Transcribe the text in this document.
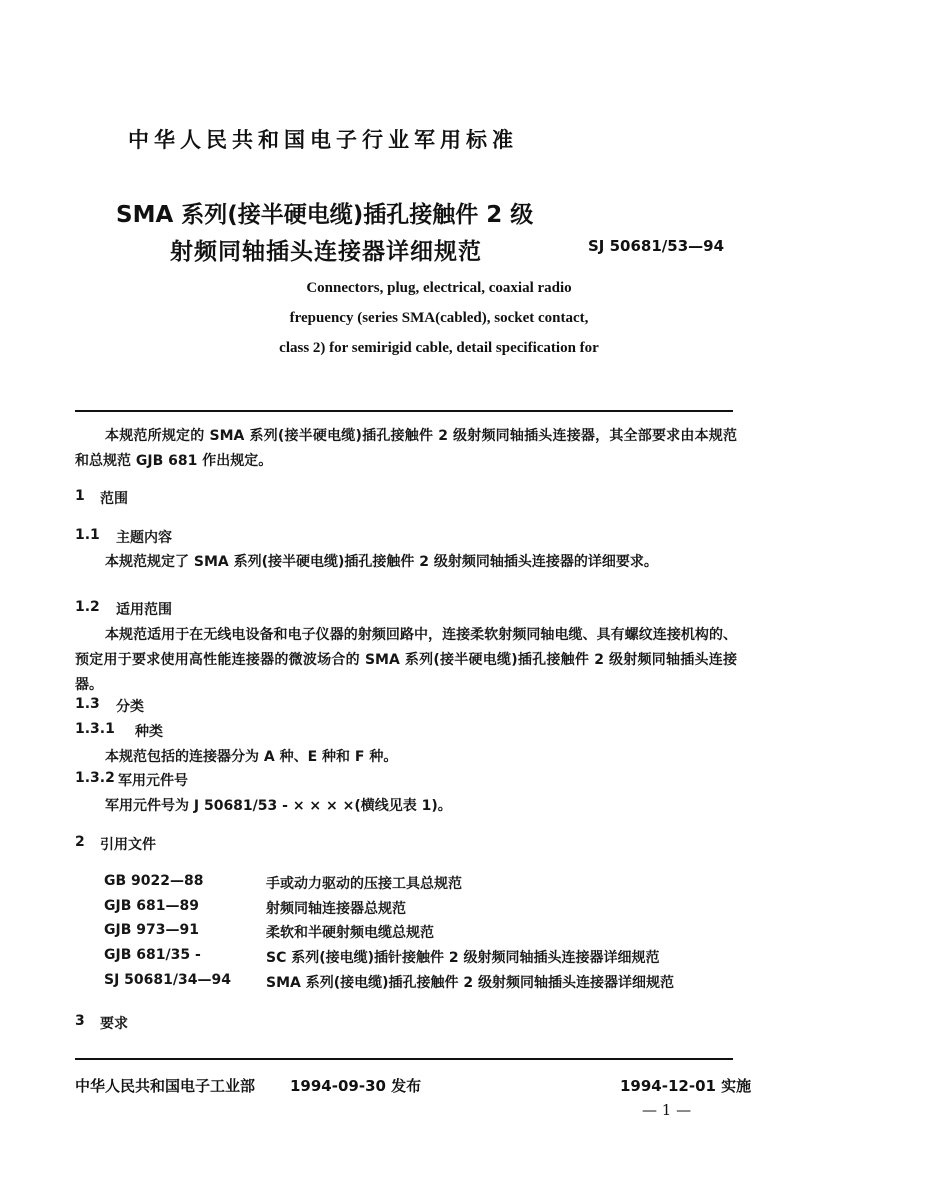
中华人民共和国电子行业军用标准
SMA 系列(接半硬电缆)插孔接触件 2 级
射频同轴插头连接器详细规范	SJ 50681/53—94
Connectors, plug, electrical, coaxial radio
frepuency (series SMA(cabled), socket contact,
class 2) for semirigid cable, detail specification for
本规范所规定的 SMA 系列(接半硬电缆)插孔接触件 2 级射频同轴插头连接器，其全部要求由本规范和总规范 GJB 681 作出规定。
1 范围
1.1 主题内容
本规范规定了 SMA 系列(接半硬电缆)插孔接触件 2 级射频同轴插头连接器的详细要求。
1.2 适用范围
本规范适用于在无线电设备和电子仪器的射频回路中，连接柔软射频同轴电缆、具有螺纹连接机构的、预定用于要求使用高性能连接器的微波场合的 SMA 系列(接半硬电缆)插孔接触件 2 级射频同轴插头连接器。
1.3 分类
1.3.1 种类
本规范包括的连接器分为 A 种、E 种和 F 种。
1.3.2 军用元件号
军用元件号为 J 50681/53 - × × × ×(横线见表 1)。
2 引用文件
GB 9022—88	手或动力驱动的压接工具总规范
GJB 681—89	射频同轴连接器总规范
GJB 973—91	柔软和半硬射频电缆总规范
GJB 681/35 -	SC 系列(接电缆)插针接触件 2 级射频同轴插头连接器详细规范
SJ 50681/34—94	SMA 系列(接电缆)插孔接触件 2 级射频同轴插头连接器详细规范
3 要求
中华人民共和国电子工业部 1994-09-30 发布	1994-12-01 实施
— 1 —
